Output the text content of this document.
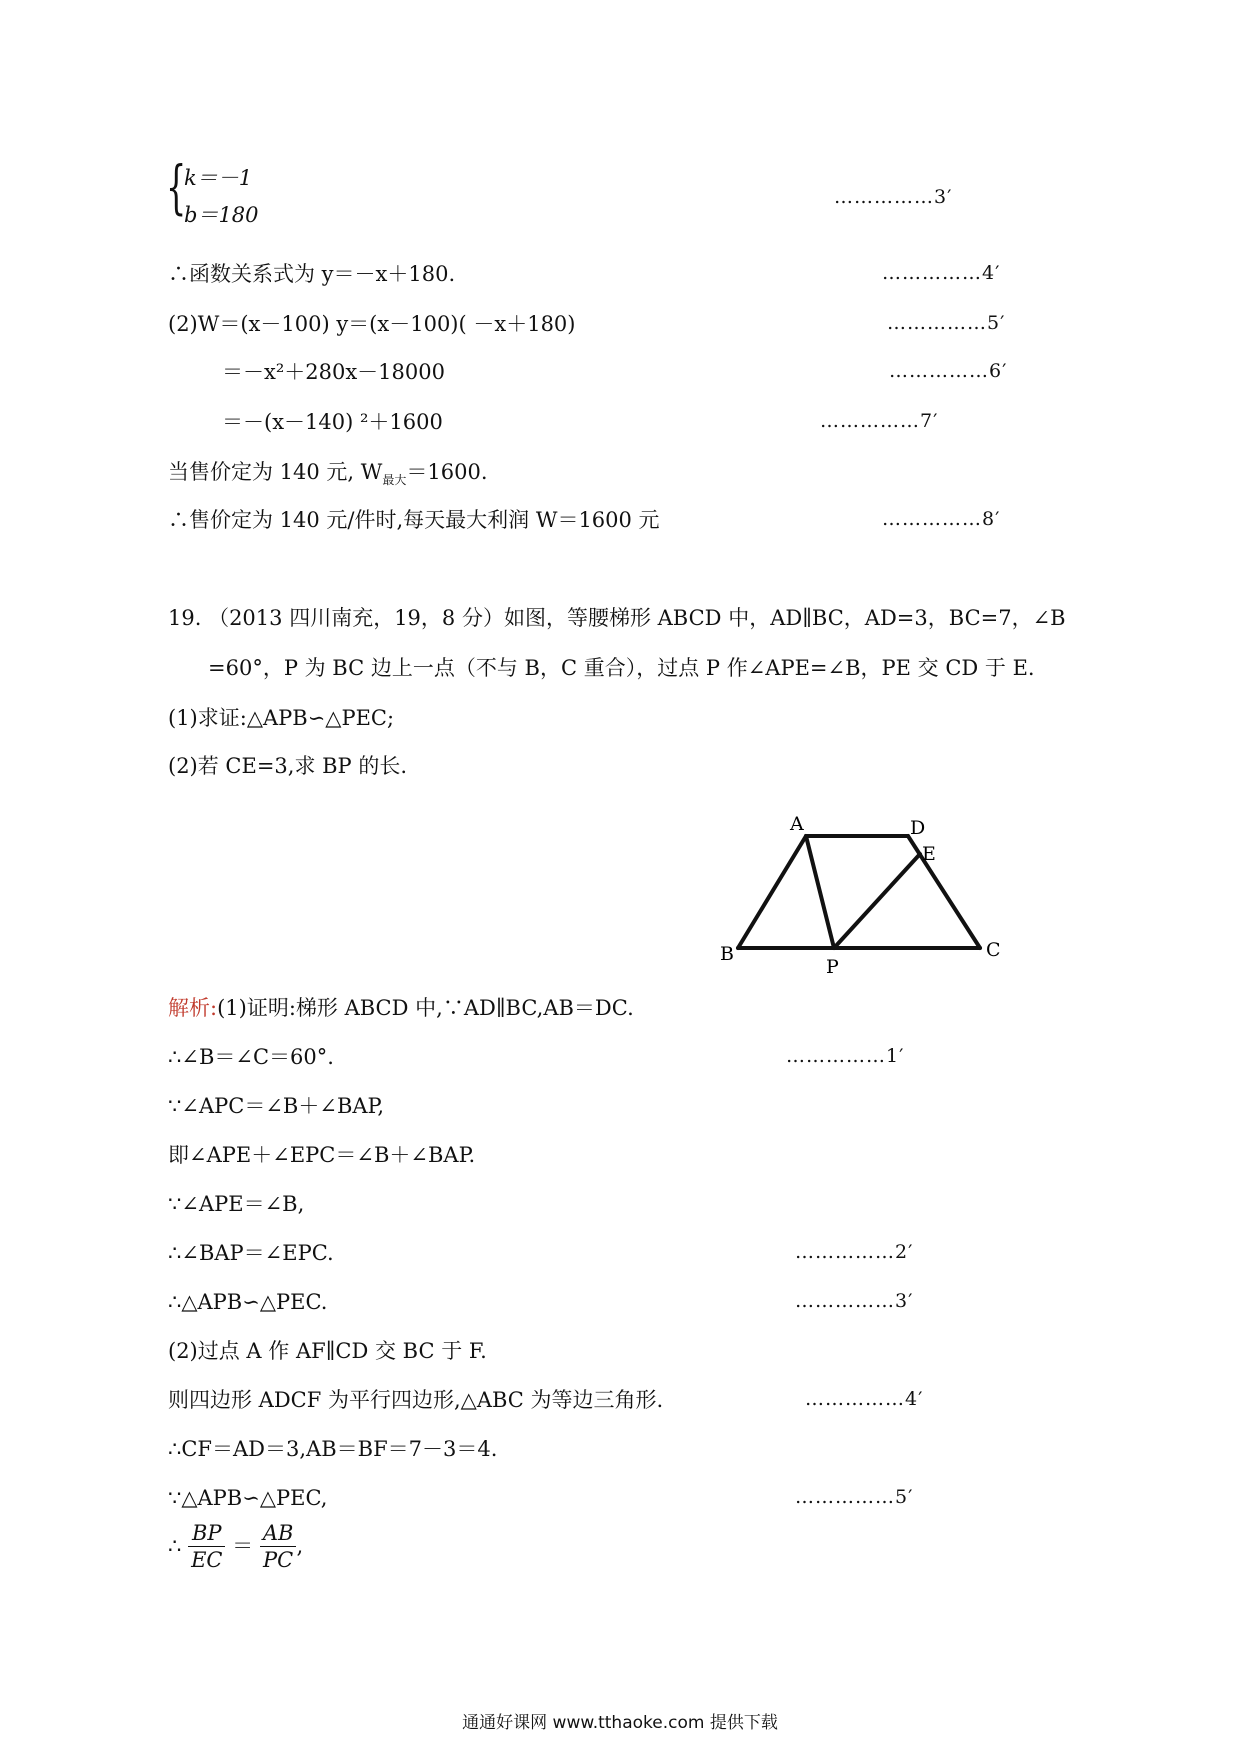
{
k＝－1
b＝180
……………3′
∴函数关系式为 y＝－x＋180.	……………4′
(2)W＝(x－100) y＝(x－100)( －x＋180)	……………5′
＝－x²＋280x－18000	……………6′
＝－(x－140) ²＋1600	……………7′
当售价定为 140 元, $W_{最大}=1600$.
∴售价定为 140 元/件时,每天最大利润 W＝1600 元	……………8′
19. （2013 四川南充，19，8 分）如图，等腰梯形 ABCD 中，AD∥BC，AD=3，BC=7，∠B
=60°，P 为 BC 边上一点（不与 B，C 重合），过点 P 作∠APE=∠B，PE 交 CD 于 E.
(1)求证:△APB∽△PEC;
(2)若 CE=3,求 BP 的长.
A	D
E
B
P
C
解析:(1)证明:梯形 ABCD 中,∵AD∥BC,AB＝DC.
∴∠B＝∠C＝60°.	……………1′
∵∠APC＝∠B＋∠BAP,
即∠APE＋∠EPC＝∠B＋∠BAP.
∵∠APE＝∠B,
∴∠BAP＝∠EPC.	……………2′
∴△APB∽△PEC.	……………3′
(2)过点 A 作 AF∥CD 交 BC 于 F.
则四边形 ADCF 为平行四边形,△ABC 为等边三角形.	……………4′
∴CF＝AD＝3,AB＝BF＝7－3＝4.
∵△APB∽△PEC,	……………5′
∴ $\frac{BP}{EC} = \frac{AB}{PC}$ ,
通通好课网 www.tthaoke.com 提供下载
